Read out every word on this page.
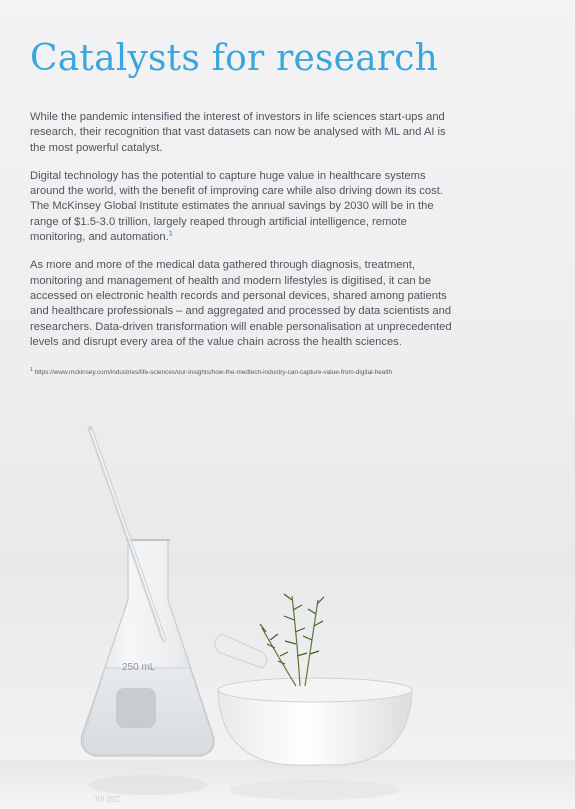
Catalysts for research

While the pandemic intensified the interest of investors in life sciences start-ups and research, their recognition that vast datasets can now be analysed with ML and AI is the most powerful catalyst.

Digital technology has the potential to capture huge value in healthcare systems around the world, with the benefit of improving care while also driving down its cost. The McKinsey Global Institute estimates the annual savings by 2030 will be in the range of $1.5-3.0 trillion, largely reaped through artificial intelligence, remote monitoring, and automation.$^1$

As more and more of the medical data gathered through diagnosis, treatment, monitoring and management of health and modern lifestyles is digitised, it can be accessed on electronic health records and personal devices, shared among patients and healthcare professionals – and aggregated and processed by data scientists and researchers. Data-driven transformation will enable personalisation at unprecedented levels and disrupt every area of the value chain across the health sciences.

$^1$ https://www.mckinsey.com/industries/life-sciences/our-insights/how-the-medtech-industry-can-capture-value-from-digital-health
250 mL
250 mL
